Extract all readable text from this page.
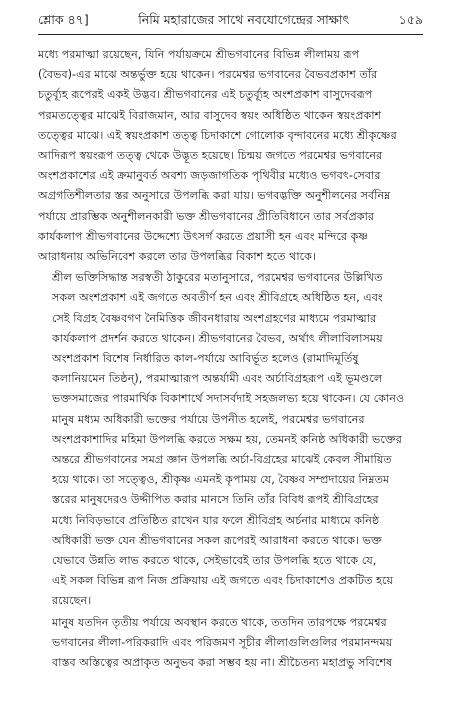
শ্লোক ৪৭]	নিমি মহারাজের সাথে নবযোগেন্দ্রের সাক্ষাৎ	১৫৯
মধ্যে পরমাত্মা রয়েছেন, যিনি পর্যায়ক্রমে শ্রীভগবানের বিভিন্ন লীলাময় রূপ
(বৈভব)-এর মাঝে অন্তর্ভুক্ত হয়ে থাকেন। পরমেশ্বর ভগবানের বৈভবপ্রকাশ তাঁর
চতুর্ব্যূহ রূপেরই একই উদ্ভব। শ্রীভগবানের এই চতুর্ব্যূহ অংশপ্রকাশ বাসুদেবরূপ
পরমতত্ত্বের মাঝেই বিরাজমান, আর বাসুদেব স্বয়ং অধিষ্ঠিত থাকেন স্বয়ংপ্রকাশ
তত্ত্বের মাঝে। এই স্বয়ংপ্রকাশ তত্ত্ব চিদাকাশে গোলোক বৃন্দাবনের মধ্যে শ্রীকৃষ্ণের
আদিরূপ স্বয়ংরূপ তত্ত্ব থেকে উদ্ভূত হয়েছে। চিন্ময় জগতে পরমেশ্বর ভগবানের
অংশপ্রকাশের এই ক্রমানুবর্ত অবশ্য জড়জাগতিক পৃথিবীর মধ্যেও ভগবৎ-সেবার
অগ্রগতিশীলতার স্তর অনুসারে উপলব্ধি করা যায়। ভগবদ্ভক্তি অনুশীলনের সর্বনিম্ন
পর্যায়ে প্রারম্ভিক অনুশীলনকারী ভক্ত শ্রীভগবানের প্রীতিবিধানে তার সর্বপ্রকার
কার্যকলাপ শ্রীভগবানের উদ্দেশ্যে উৎসর্গ করতে প্রয়াসী হন এবং মন্দিরে কৃষ্ণ
আরাধনায় অভিনিবেশ করলে তার উপলব্ধির বিকাশ হতে থাকে।
শ্রীল ভক্তিসিদ্ধান্ত সরস্বতী ঠাকুরের মতানুসারে, পরমেশ্বর ভগবানের উল্লিখিত
সকল অংশপ্রকাশ এই জগতে অবতীর্ণ হন এবং শ্রীবিগ্রহে অধিষ্ঠিত হন, এবং
সেই বিগ্রহ বৈষ্ণবগণ নৈমিত্তিক জীবনধারায় অংশগ্রহণের মাধ্যমে পরমাত্মার
কার্যকলাপ প্রদর্শন করতে থাকেন। শ্রীভগবানের বৈভব, অর্থাৎ লীলাবিলাসময়
অংশপ্রকাশ বিশেষ নির্ধারিত কাল-পর্যায়ে আবির্ভূত হলেও (রামাদিমূর্তিষু
কলানিয়মেন তিষ্ঠন্‌), পরমাত্মারূপ অন্তর্যামী এবং অর্চাবিগ্রহরূপ এই ভূমণ্ডলে
ভক্তসমাজের পারমার্থিক বিকাশার্থে সদাসর্বদাই সহজলভ্য হয়ে থাকেন। যে কোনও
মানুষ মধ্যম অধিকারী ভক্তের পর্যায়ে উপনীত হলেই, পরমেশ্বর ভগবানের
অংশপ্রকাশাদির মহিমা উপলব্ধি করতে সক্ষম হয়, তেমনই কনিষ্ঠ অধিকারী ভক্তের
অন্তরে শ্রীভগবানের সমগ্র জ্ঞান উপলব্ধি অর্চা-বিগ্রহের মাঝেই কেবল সীমায়িত
হয়ে থাকে। তা সত্ত্বেও, শ্রীকৃষ্ণ এমনই কৃপাময় যে, বৈষ্ণব সম্প্রদায়ের নিম্নতম
স্তরের মানুষদেরও উদ্দীপিত করার মানসে তিনি তাঁর বিবিধ রূপই শ্রীবিগ্রহের
মধ্যে নিবিড়ভাবে প্রতিষ্ঠিত রাখেন যার ফলে শ্রীবিগ্রহ অর্চনার মাধ্যমে কনিষ্ঠ
অধিকারী ভক্ত যেন শ্রীভগবানের সকল রূপেরই আরাধনা করতে থাকে। ভক্ত
যেভাবে উন্নতি লাভ করতে থাকে, সেইভাবেই তার উপলব্ধি হতে থাকে যে,
এই সকল বিভিন্ন রূপ নিজ প্রক্রিয়ায় এই জগতে এবং চিদাকাশেও প্রকটিত হয়ে
রয়েছেন।
মানুষ যতদিন তৃতীয় পর্যায়ে অবস্থান করতে থাকে, ততদিন তারপক্ষে পরমেশ্বর
ভগবানের লীলা-পরিকরাদি এবং পরিজমণ সূচীর লীলাগুলিগুলির পরমানন্দময়
বাস্তব অস্তিত্বের অপ্রাকৃত অনুভব করা সম্ভব হয় না। শ্রীচৈতন্য মহাপ্রভু সবিশেষ
